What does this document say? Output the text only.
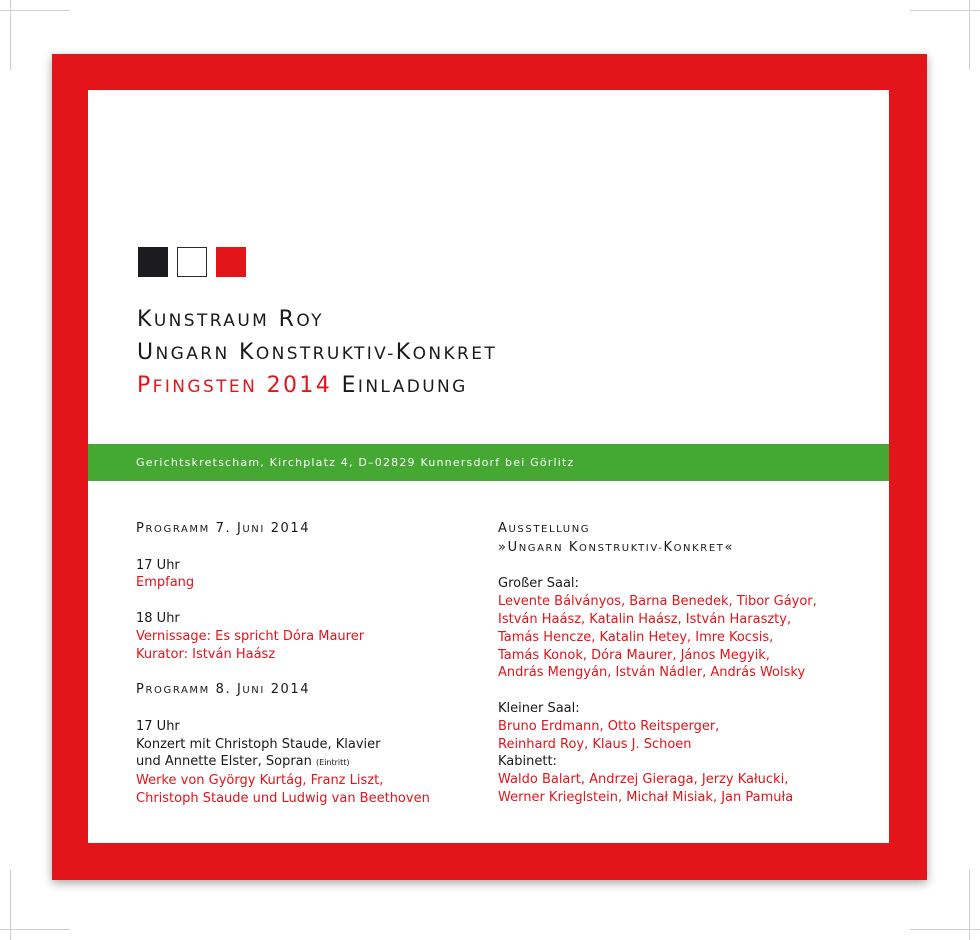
KUNSTRAUM ROY
UNGARN KONSTRUKTIV-KONKRET
PFINGSTEN 2014 EINLADUNG
Gerichtskretscham, Kirchplatz 4, D–02829 Kunnersdorf bei Görlitz
PROGRAMM 7. JUNI 2014
17 Uhr
Empfang
18 Uhr
Vernissage: Es spricht Dóra Maurer
Kurator: István Haász
PROGRAMM 8. JUNI 2014
17 Uhr
Konzert mit Christoph Staude, Klavier
und Annette Elster, Sopran (Eintritt)
Werke von György Kurtág, Franz Liszt,
Christoph Staude und Ludwig van Beethoven
AUSSTELLUNG
»UNGARN KONSTRUKTIV-KONKRET«
Großer Saal:
Levente Bálványos, Barna Benedek, Tibor Gáyor,
István Haász, Katalin Haász, István Haraszty,
Tamás Hencze, Katalin Hetey, Imre Kocsis,
Tamás Konok, Dóra Maurer, János Megyik,
András Mengyán, István Nádler, András Wolsky
Kleiner Saal:
Bruno Erdmann, Otto Reitsperger,
Reinhard Roy, Klaus J. Schoen
Kabinett:
Waldo Balart, Andrzej Gieraga, Jerzy Kałucki,
Werner Krieglstein, Michał Misiak, Jan Pamuła
